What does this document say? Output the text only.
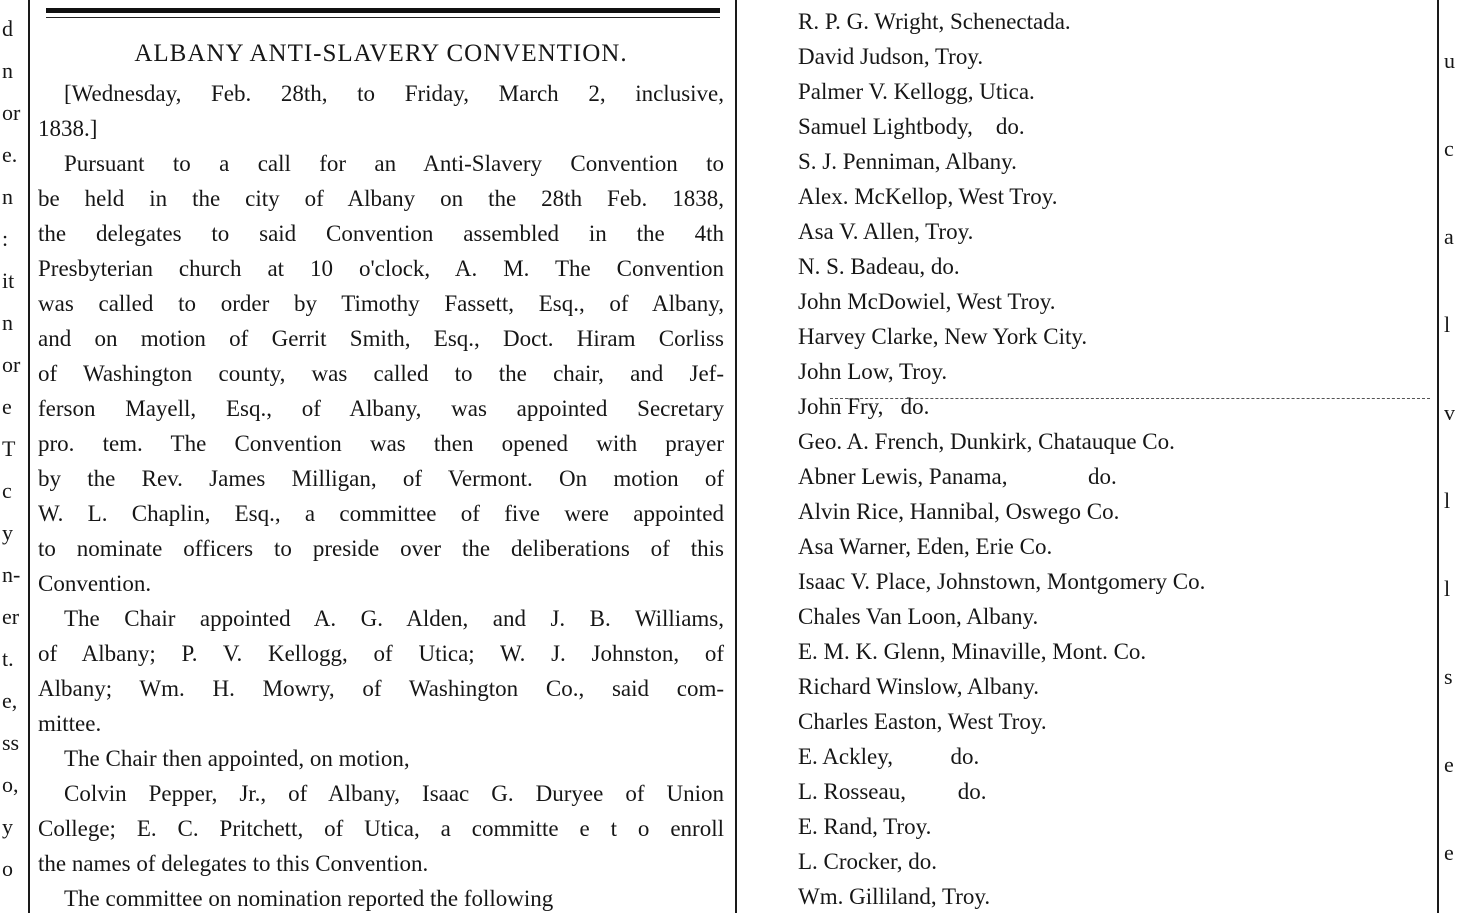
d
n
or
e.
n
:
it
n
or
e
T
c
y
n-
er
t.
e,
ss
o,
y
o
ALBANY ANTI-SLAVERY CONVENTION.
[Wednesday, Feb. 28th, to Friday, March 2, inclusive,
1838.]
Pursuant to a call for an Anti-Slavery Convention to
be held in the city of Albany on the 28th Feb. 1838,
the delegates to said Convention assembled in the 4th
Presbyterian church at 10 o'clock, A. M. The Convention
was called to order by Timothy Fassett, Esq., of Albany,
and on motion of Gerrit Smith, Esq., Doct. Hiram Corliss
of Washington county, was called to the chair, and Jef-
ferson Mayell, Esq., of Albany, was appointed Secretary
pro. tem. The Convention was then opened with prayer
by the Rev. James Milligan, of Vermont. On motion of
W. L. Chaplin, Esq., a committee of five were appointed
to nominate officers to preside over the deliberations of this
Convention.
The Chair appointed A. G. Alden, and J. B. Williams,
of Albany; P. V. Kellogg, of Utica; W. J. Johnston, of
Albany; Wm. H. Mowry, of Washington Co., said com-
mittee.
The Chair then appointed, on motion,
Colvin Pepper, Jr., of Albany, Isaac G. Duryee of Union
College; E. C. Pritchett, of Utica, a committe e t o enroll
the names of delegates to this Convention.
The committee on nomination reported the following
R. P. G. Wright, Schenectada.
David Judson, Troy.
Palmer V. Kellogg, Utica.
Samuel Lightbody,    do.
S. J. Penniman, Albany.
Alex. McKellop, West Troy.
Asa V. Allen, Troy.
N. S. Badeau, do.
John McDowiel, West Troy.
Harvey Clarke, New York City.
John Low, Troy.
John Fry,   do.
Geo. A. French, Dunkirk, Chatauque Co.
Abner Lewis, Panama,              do.
Alvin Rice, Hannibal, Oswego Co.
Asa Warner, Eden, Erie Co.
Isaac V. Place, Johnstown, Montgomery Co.
Chales Van Loon, Albany.
E. M. K. Glenn, Minaville, Mont. Co.
Richard Winslow, Albany.
Charles Easton, West Troy.
E. Ackley,          do.
L. Rosseau,         do.
E. Rand, Troy.
L. Crocker, do.
Wm. Gilliland, Troy.
u
c
a
l
v
l
l
s
e
e
